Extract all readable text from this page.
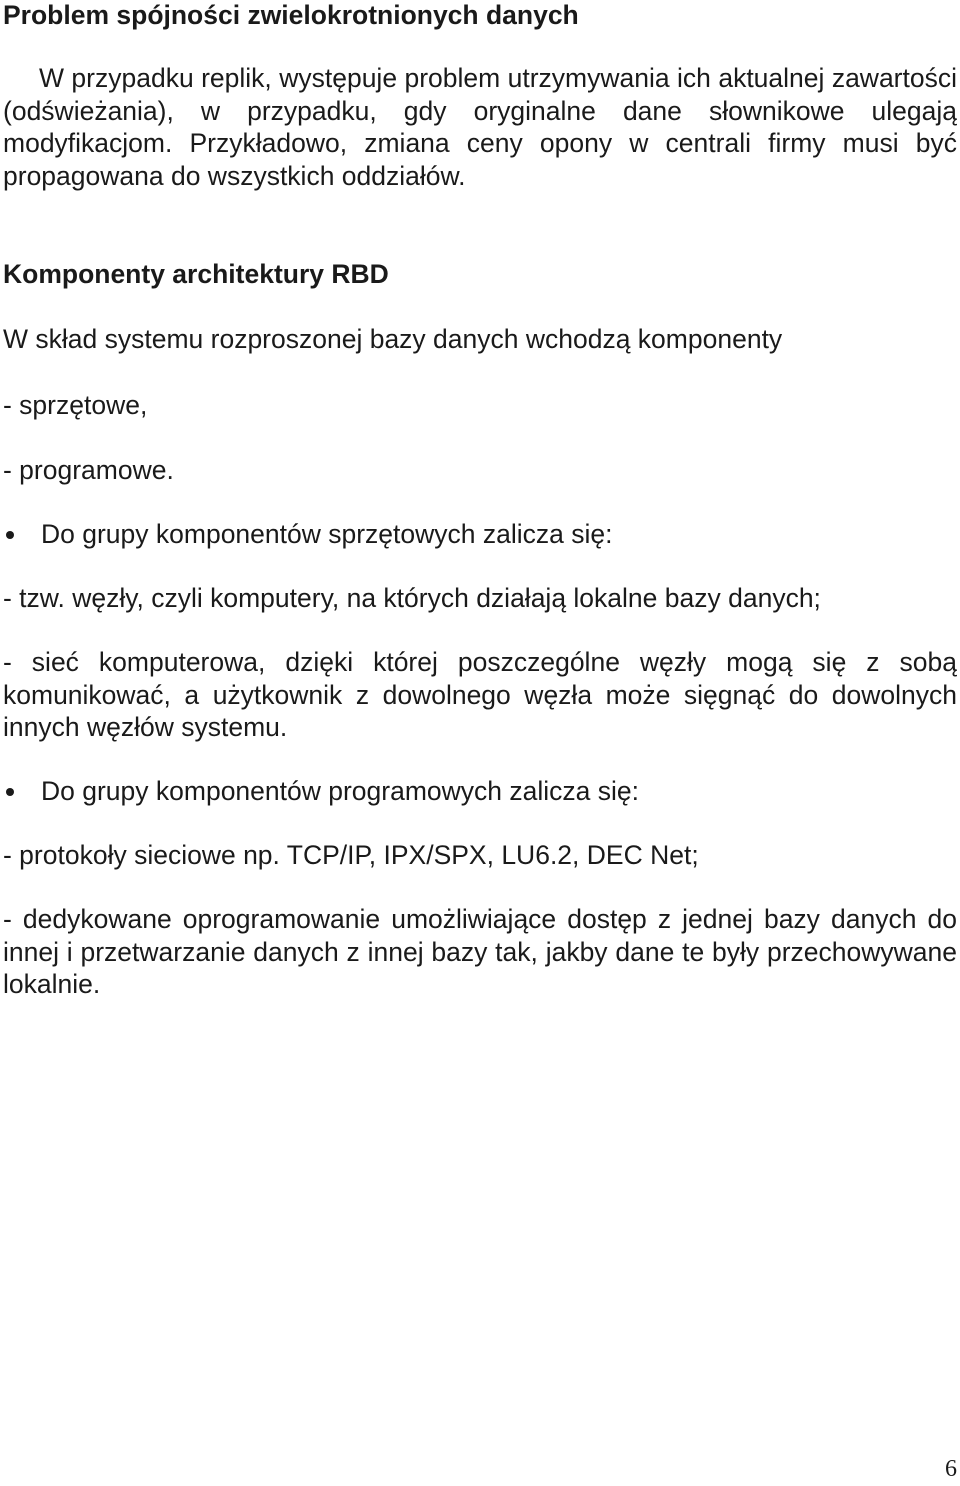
Problem spójności zwielokrotnionych danych
W przypadku replik, występuje problem utrzymywania ich aktualnej zawartości (odświeżania), w przypadku, gdy oryginalne dane słownikowe ulegają modyfikacjom. Przykładowo, zmiana ceny opony w centrali firmy musi być propagowana do wszystkich oddziałów.
Komponenty architektury RBD
W skład systemu rozproszonej bazy danych wchodzą komponenty
- sprzętowe,
- programowe.
Do grupy komponentów sprzętowych zalicza się:
- tzw. węzły, czyli komputery, na których działają lokalne bazy danych;
- sieć komputerowa, dzięki której poszczególne węzły mogą się z sobą komunikować, a użytkownik z dowolnego węzła może sięgnąć do dowolnych innych węzłów systemu.
Do grupy komponentów programowych zalicza się:
- protokoły sieciowe np. TCP/IP, IPX/SPX, LU6.2, DEC Net;
- dedykowane oprogramowanie umożliwiające dostęp z jednej bazy danych do innej i przetwarzanie danych z innej bazy tak, jakby dane te były przechowywane lokalnie.
6
